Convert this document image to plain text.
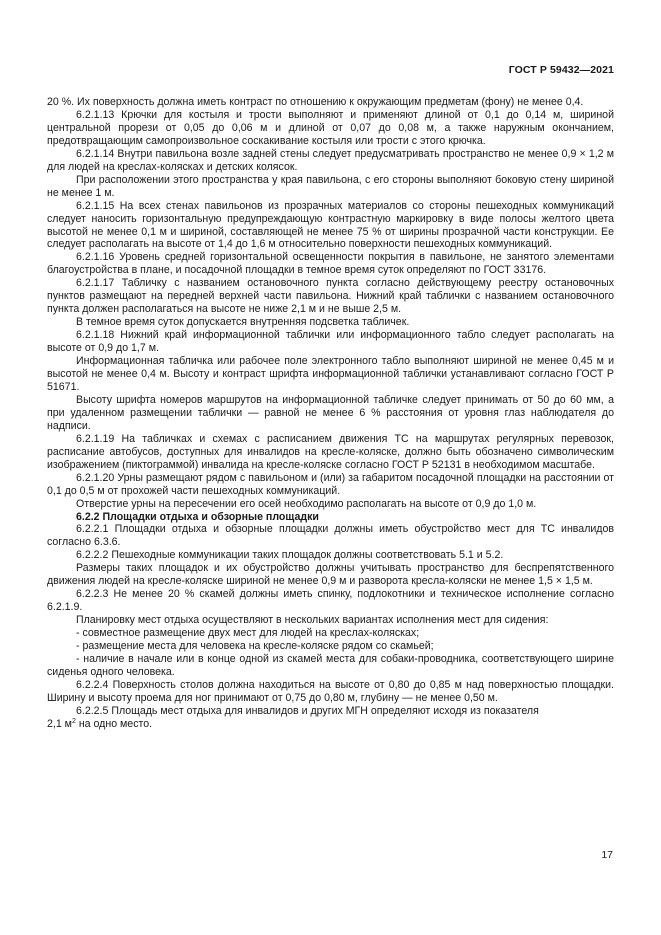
ГОСТ Р 59432—2021

20 %. Их поверхность должна иметь контраст по отношению к окружающим предметам (фону) не менее 0,4.

6.2.1.13 Крючки для костыля и трости выполняют и применяют длиной от 0,1 до 0,14 м, шириной центральной прорези от 0,05 до 0,06 м и длиной от 0,07 до 0,08 м, а также наружным окончанием, предотвращающим самопроизвольное соскакивание костыля или трости с этого крючка.

6.2.1.14 Внутри павильона возле задней стены следует предусматривать пространство не менее 0,9 × 1,2 м для людей на креслах-колясках и детских колясок.

При расположении этого пространства у края павильона, с его стороны выполняют боковую стену шириной не менее 1 м.

6.2.1.15 На всех стенах павильонов из прозрачных материалов со стороны пешеходных коммуникаций следует наносить горизонтальную предупреждающую контрастную маркировку в виде полосы желтого цвета высотой не менее 0,1 м и шириной, составляющей не менее 75 % от ширины прозрачной части конструкции. Ее следует располагать на высоте от 1,4 до 1,6 м относительно поверхности пешеходных коммуникаций.

6.2.1.16 Уровень средней горизонтальной освещенности покрытия в павильоне, не занятого элементами благоустройства в плане, и посадочной площадки в темное время суток определяют по ГОСТ 33176.

6.2.1.17 Табличку с названием остановочного пункта согласно действующему реестру остановочных пунктов размещают на передней верхней части павильона. Нижний край таблички с названием остановочного пункта должен располагаться на высоте не ниже 2,1 м и не выше 2,5 м.

В темное время суток допускается внутренняя подсветка табличек.

6.2.1.18 Нижний край информационной таблички или информационного табло следует располагать на высоте от 0,9 до 1,7 м.

Информационная табличка или рабочее поле электронного табло выполняют шириной не менее 0,45 м и высотой не менее 0,4 м. Высоту и контраст шрифта информационной таблички устанавливают согласно ГОСТ Р 51671.

Высоту шрифта номеров маршрутов на информационной табличке следует принимать от 50 до 60 мм, а при удаленном размещении таблички — равной не менее 6 % расстояния от уровня глаз наблюдателя до надписи.

6.2.1.19 На табличках и схемах с расписанием движения ТС на маршрутах регулярных перевозок, расписание автобусов, доступных для инвалидов на кресле-коляске, должно быть обозначено символическим изображением (пиктограммой) инвалида на кресле-коляске согласно ГОСТ Р 52131 в необходимом масштабе.

6.2.1.20 Урны размещают рядом с павильоном и (или) за габаритом посадочной площадки на расстоянии от 0,1 до 0,5 м от прохожей части пешеходных коммуникаций.

Отверстие урны на пересечении его осей необходимо располагать на высоте от 0,9 до 1,0 м.

6.2.2 Площадки отдыха и обзорные площадки

6.2.2.1 Площадки отдыха и обзорные площадки должны иметь обустройство мест для ТС инвалидов согласно 6.3.6.

6.2.2.2 Пешеходные коммуникации таких площадок должны соответствовать 5.1 и 5.2.

Размеры таких площадок и их обустройство должны учитывать пространство для беспрепятственного движения людей на кресле-коляске шириной не менее 0,9 м и разворота кресла-коляски не менее 1,5 × 1,5 м.

6.2.2.3 Не менее 20 % скамей должны иметь спинку, подлокотники и техническое исполнение согласно 6.2.1.9.

Планировку мест отдыха осуществляют в нескольких вариантах исполнения мест для сидения:

- совместное размещение двух мест для людей на креслах-колясках;

- размещение места для человека на кресле-коляске рядом со скамьей;

- наличие в начале или в конце одной из скамей места для собаки-проводника, соответствующего ширине сиденья одного человека.

6.2.2.4 Поверхность столов должна находиться на высоте от 0,80 до 0,85 м над поверхностью площадки. Ширину и высоту проема для ног принимают от 0,75 до 0,80 м, глубину — не менее 0,50 м.

6.2.2.5 Площадь мест отдыха для инвалидов и других МГН определяют исходя из показателя

2,1 $м^2$ на одно место.

17
